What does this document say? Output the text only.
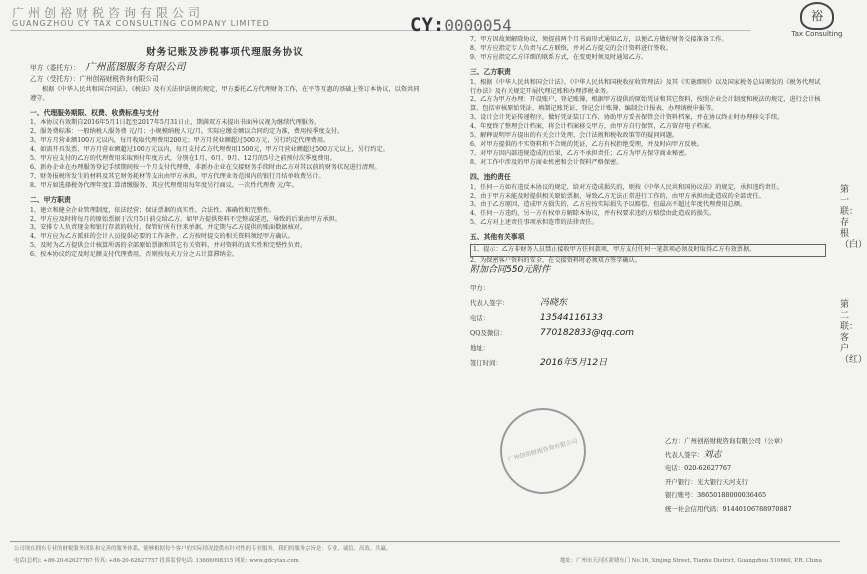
广州创裕财税咨询有限公司
GUANGZHOU CY TAX CONSULTING COMPANY LIMITED	CY:0000054	裕
Tax Consulting
财务记账及涉税事项代理服务协议
甲方（委托方）： 广州蓝图服务有限公司
乙方（受托方）：广州创裕财税咨询有限公司

根据《中华人民共和国合同法》、《税法》及有关法律法规的规定，甲方委托乙方代理财务工作，在平等互惠的基础上签订本协议，以资共同遵守。

一、代理服务期限、权费、收费标准与支付

1、本协议有效期自2016年5月1日起至2017年5月31日止，期满双方未提出书面异议视为继续代理服务。

2、服务费标准：一般纳税人服务费 元/月；小规模纳税人元/月。实际应缴金额以合同约定为准，费用按季度支付。

3、甲方月营业额100万元以内，每月收取代理费用200元；甲方月营业额超过500万元，另行约定代理费用。

4、如需开具发票，甲方月营业额超过100万元以内，每月支付乙方代理费用1500元，甲方月营业额超过500万元以上，另行约定。

5、甲方应支付的乙方的代理费用采取预付年度方式，分别在1月、6月、9月、12月的5号之前预付次季度费用。

6、新办企业在办理服务登记手续期间按一个月支付代理费，非新办企业在交接财务手续时由乙方对其以前的财务状况进行清理。

7、财务报税所发生的材料及其它财务耗材等支出由甲方承担。甲方代理业务范围内的银行月结单收费另计。

8、甲方如选择税务代理年度汇算清缴服务，其应代理费用每年度另行商议。一次性代理费 元/年。

二、甲方职责

1、建立和健全企业管理制度，依法经营；保证票据的真实性、合法性、准确性和完整性。

2、甲方应及时将每月的原始票据于次月5日前交给乙方。如甲方提供资料不完整或延迟，导致的后果由甲方承担。

3、安排专人负责现金和银行存款的收付，保管好所有往来单据，并定期与乙方提供的账面数据核对。

4、甲方应为乙方派驻的会计人员提供必要的工作条件，乙方按时提交的相关资料须经甲方确认。

5、及时为乙方提供会计核算所需的全部原始票据和其它有关资料，并对资料的真实性和完整性负责。

6、按本协议约定及时足额支付代理费用，否则按每天万分之五计算滞纳金。

7、甲方因故须解除协议，须提前两个月书面形式通知乙方，以便乙方做好财务交接准备工作。

8、甲方应指定专人负责与乙方联络，并对乙方提交的会计资料进行签收。

9、甲方应指定乙方详细的联系方式，在变更时须及时通知乙方。

三、乙方职责

1、根据《中华人民共和国会计法》、《中华人民共和国税收征收管理法》及其《实施细则》以及国家税务总局颁发的《税务代理试行办法》及有关规定开展代理记账和办理涉税业务。

2、乙方为甲方办理：开设账户、登记账簿，根据甲方提供的原始凭证和其它资料，按照企业会计制度和税法的规定，进行会计核算，包括审核原始凭证、填制记账凭证、登记会计账簿、编制会计报表、办理纳税申报等。

3、设计会计凭证传递程序，做好凭证装订工作，协助甲方妥善保管会计资料档案，并在协议终止时办理移交手续。

4、年度终了整理会计档案，将会计档案移交甲方，由甲方自行保管，乙方留存电子档案。

5、解释说明甲方提出的有关会计处理、会计法规和税收政策等的疑问问题。

6、对甲方提供的不实资料和不合规的凭证，乙方有权拒绝受理，并及时向甲方反映。

7、对甲方因内部违规造成的后果，乙方不承担责任；乙方为甲方保守商业秘密。

8、对工作中涉及的甲方商业机密和会计资料严格保密。

四、违约责任

1、任何一方如有违反本协议的规定，给对方造成损失的，则按《中华人民共和国协议法》的规定，承担违约责任。

2、由于甲方未能及时提供相关原始票据，导致乙方无法正常进行工作的，由甲方承担由此造成的全部责任。

3、由于乙方原因，造成甲方损失的，乙方应按实际损失予以赔偿，但最高不超过年度代理费用总额。

4、任何一方违约，另一方有权单方解除本协议，并有权要求违约方赔偿由此造成的损失。

5、乙方对上述责任事项承担连带的法律责任。

五、其他有关事项

1、提示：乙方非财务人员禁止接收甲方任何款项，甲方支付任何一笔款项必须及时取得乙方有效票据。

2、为保密客户资料的安全，在交接资料时必须双方签字确认。

附加合同550元附件

甲方：
代表人签字：	冯晓东
电话：	13544116133
QQ及微信：	770182833@qq.com
地址：
签订时间：	2016年5月12日
广州创裕财税咨询有限公司	乙方：广州创裕财税咨询有限公司（公章）
代表人签字：刘志
电话：020-62627767
开户银行：光大银行天河支行
银行账号：38650188000036465
统一社会信用代码：91440106788970887
第一联：存根（白）
第二联：客户（红）
公司现在拥有专业的财税服务团队和完善的服务体系，能够根据每个客户的实际情况提供有针对性的专业服务，我们的服务宗旨是：专业、诚信、高效、共赢。
电话(总机): +86-20-62627767 传真: +86-20-62627757 投诉监督电话: 13666098315 网址: www.gdcytax.com	地址：广州市天河区新塘东门 No.16, Xinjing Street, Tianhe District, Guangzhou 510660, P.R. China
